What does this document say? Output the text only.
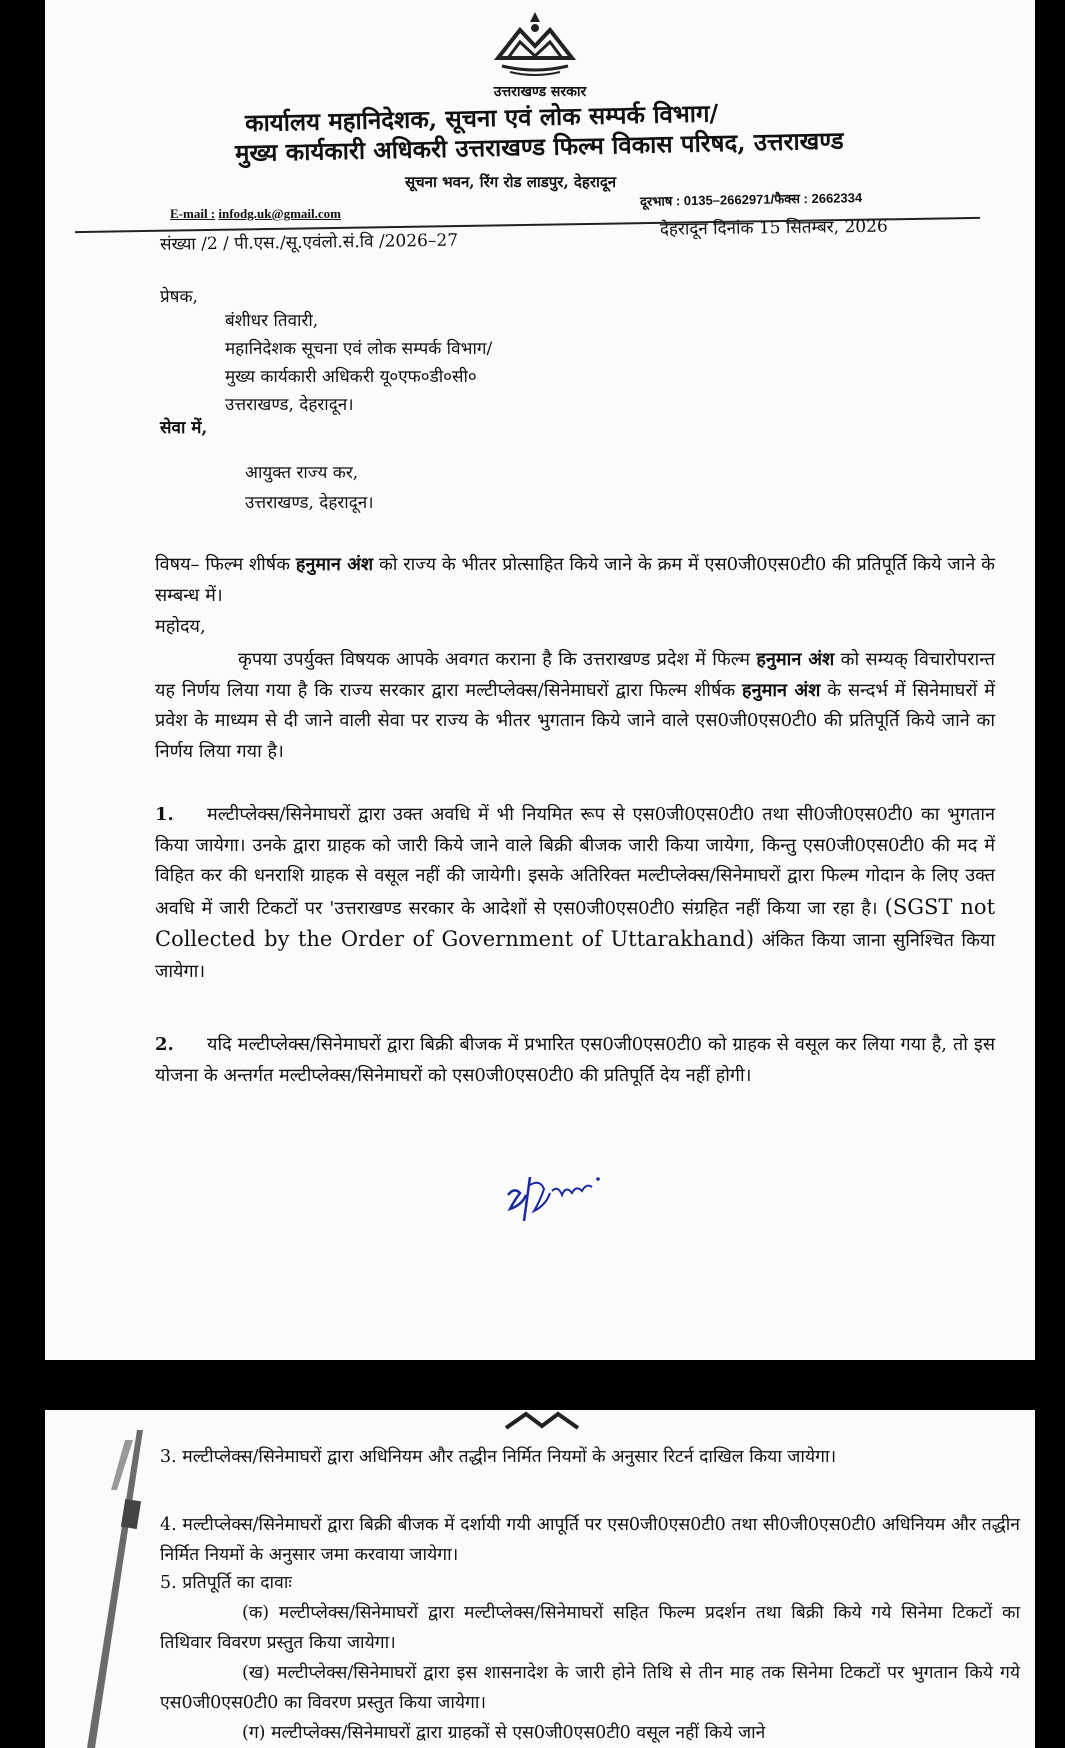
उत्तराखण्ड सरकार
कार्यालय महानिदेशक, सूचना एवं लोक सम्पर्क विभाग/
मुख्य कार्यकारी अधिकरी उत्तराखण्ड फिल्म विकास परिषद, उत्तराखण्ड
सूचना भवन, रिंग रोड लाडपुर, देहरादून
E-mail : infodg.uk@gmail.com
दूरभाष : 0135–2662971/फैक्स : 2662334
संख्या /2 / पी.एस./सू.एवंलो.सं.वि /2026–27
देहरादून दिनांक 15 सितम्बर, 2026
प्रेषक,
बंशीधर तिवारी,
महानिदेशक सूचना एवं लोक सम्पर्क विभाग/
मुख्य कार्यकारी अधिकरी यू०एफ०डी०सी०
उत्तराखण्ड, देहरादून।
सेवा में,
आयुक्त राज्य कर,
उत्तराखण्ड, देहरादून।
विषय– फिल्म शीर्षक हनुमान अंश को राज्य के भीतर प्रोत्साहित किये जाने के क्रम में एस0जी0एस0टी0 की प्रतिपूर्ति किये जाने के सम्बन्ध में।
महोदय,
कृपया उपर्युक्त विषयक आपके अवगत कराना है कि उत्तराखण्ड प्रदेश में फिल्म हनुमान अंश को सम्यक् विचारोपरान्त यह निर्णय लिया गया है कि राज्य सरकार द्वारा मल्टीप्लेक्स/सिनेमाघरों द्वारा फिल्म शीर्षक हनुमान अंश के सन्दर्भ में सिनेमाघरों में प्रवेश के माध्यम से दी जाने वाली सेवा पर राज्य के भीतर भुगतान किये जाने वाले एस0जी0एस0टी0 की प्रतिपूर्ति किये जाने का निर्णय लिया गया है।
1. मल्टीप्लेक्स/सिनेमाघरों द्वारा उक्त अवधि में भी नियमित रूप से एस0जी0एस0टी0 तथा सी0जी0एस0टी0 का भुगतान किया जायेगा। उनके द्वारा ग्राहक को जारी किये जाने वाले बिक्री बीजक जारी किया जायेगा, किन्तु एस0जी0एस0टी0 की मद में विहित कर की धनराशि ग्राहक से वसूल नहीं की जायेगी। इसके अतिरिक्त मल्टीप्लेक्स/सिनेमाघरों द्वारा फिल्म गोदान के लिए उक्त अवधि में जारी टिकटों पर 'उत्तराखण्ड सरकार के आदेशों से एस0जी0एस0टी0 संग्रहित नहीं किया जा रहा है। (SGST not Collected by the Order of Government of Uttarakhand) अंकित किया जाना सुनिश्चित किया जायेगा।
2. यदि मल्टीप्लेक्स/सिनेमाघरों द्वारा बिक्री बीजक में प्रभारित एस0जी0एस0टी0 को ग्राहक से वसूल कर लिया गया है, तो इस योजना के अन्तर्गत मल्टीप्लेक्स/सिनेमाघरों को एस0जी0एस0टी0 की प्रतिपूर्ति देय नहीं होगी।
3. मल्टीप्लेक्स/सिनेमाघरों द्वारा अधिनियम और तद्धीन निर्मित नियमों के अनुसार रिटर्न दाखिल किया जायेगा।
4. मल्टीप्लेक्स/सिनेमाघरों द्वारा बिक्री बीजक में दर्शायी गयी आपूर्ति पर एस0जी0एस0टी0 तथा सी0जी0एस0टी0 अधिनियम और तद्धीन निर्मित नियमों के अनुसार जमा करवाया जायेगा।
5. प्रतिपूर्ति का दावाः
(क) मल्टीप्लेक्स/सिनेमाघरों द्वारा मल्टीप्लेक्स/सिनेमाघरों सहित फिल्म प्रदर्शन तथा बिक्री किये गये सिनेमा टिकटों का तिथिवार विवरण प्रस्तुत किया जायेगा।
(ख) मल्टीप्लेक्स/सिनेमाघरों द्वारा इस शासनादेश के जारी होने तिथि से तीन माह तक सिनेमा टिकटों पर भुगतान किये गये एस0जी0एस0टी0 का विवरण प्रस्तुत किया जायेगा।
(ग) मल्टीप्लेक्स/सिनेमाघरों द्वारा ग्राहकों से एस0जी0एस0टी0 वसूल नहीं किये जाने
